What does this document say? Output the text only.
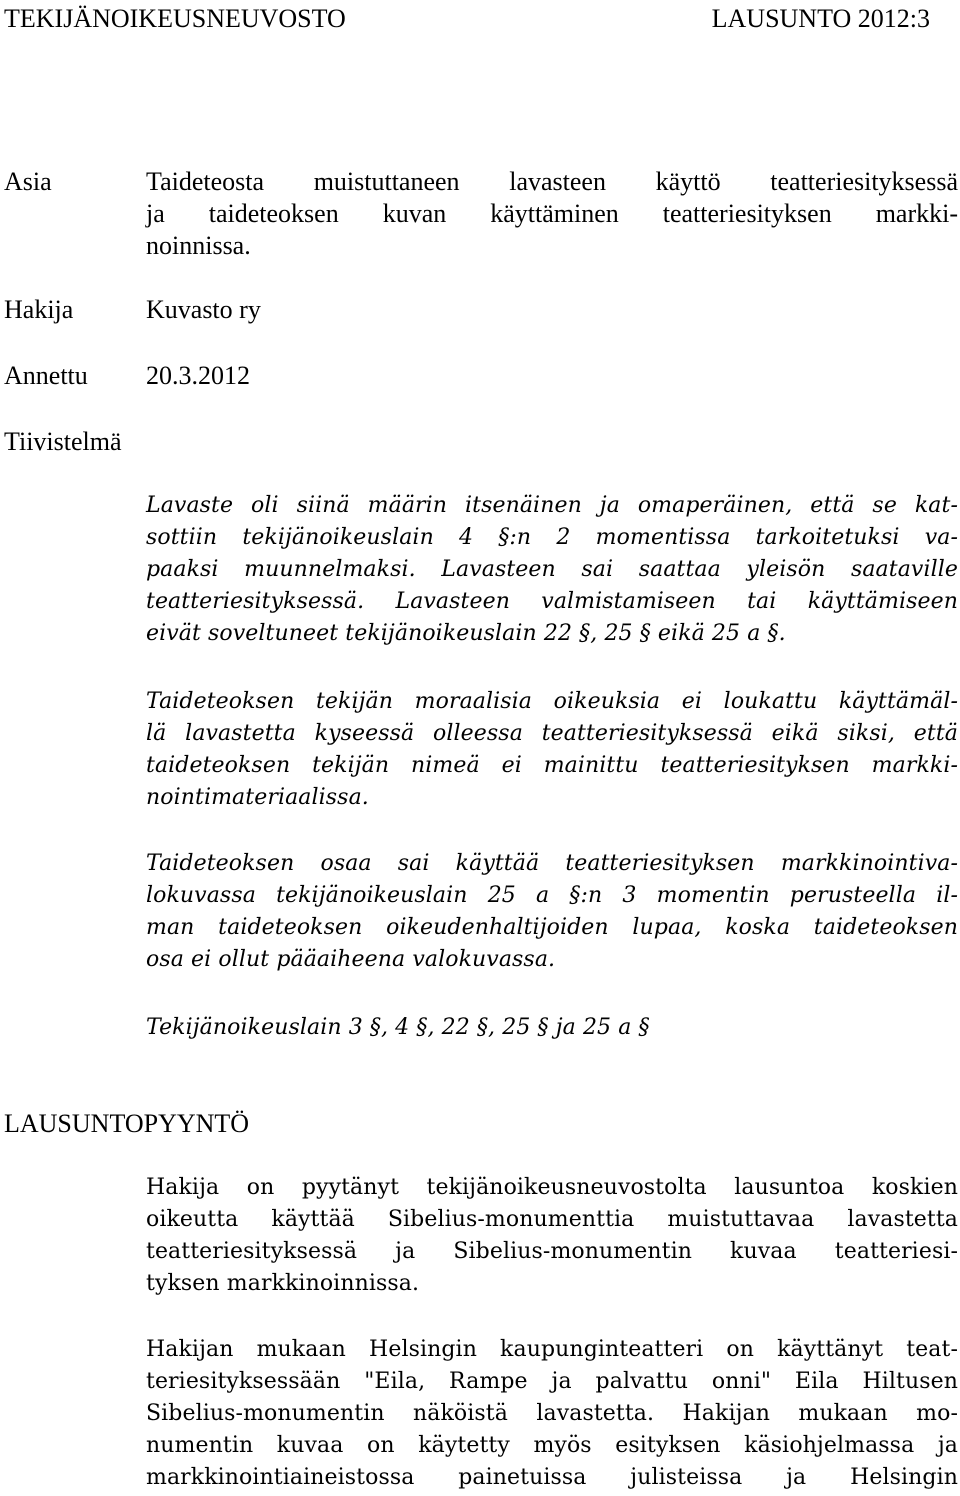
TEKIJÄNOIKEUSNEUVOSTO	LAUSUNTO 2012:3
Asia	Taideteosta muistuttaneen lavasteen käyttö teatteriesityksessä
ja taideteoksen kuvan käyttäminen teatteriesityksen markki-
noinnissa.
Hakija	Kuvasto ry
Annettu 20.3.2012
Tiivistelmä
Lavaste oli siinä määrin itsenäinen ja omaperäinen, että se kat-
sottiin tekijänoikeuslain 4 §:n 2 momentissa tarkoitetuksi va-
paaksi muunnelmaksi. Lavasteen sai saattaa yleisön saataville
teatteriesityksessä. Lavasteen valmistamiseen tai käyttämiseen
eivät soveltuneet tekijänoikeuslain 22 §, 25 § eikä 25 a §.
Taideteoksen tekijän moraalisia oikeuksia ei loukattu käyttämäl-
lä lavastetta kyseessä olleessa teatteriesityksessä eikä siksi, että
taideteoksen tekijän nimeä ei mainittu teatteriesityksen markki-
nointimateriaalissa.
Taideteoksen osaa sai käyttää teatteriesityksen markkinointiva-
lokuvassa tekijänoikeuslain 25 a §:n 3 momentin perusteella il-
man taideteoksen oikeudenhaltijoiden lupaa, koska taideteoksen
osa ei ollut pääaiheena valokuvassa.
Tekijänoikeuslain 3 §, 4 §, 22 §, 25 § ja 25 a §
LAUSUNTOPYYNTÖ
Hakija on pyytänyt tekijänoikeusneuvostolta lausuntoa koskien
oikeutta käyttää Sibelius-monumenttia muistuttavaa lavastetta
teatteriesityksessä ja Sibelius-monumentin kuvaa teatteriesi-
tyksen markkinoinnissa.
Hakijan mukaan Helsingin kaupunginteatteri on käyttänyt teat-
teriesityksessään "Eila, Rampe ja palvattu onni" Eila Hiltusen
Sibelius-monumentin näköistä lavastetta. Hakijan mukaan mo-
numentin kuvaa on käytetty myös esityksen käsiohjelmassa ja
markkinointiaineistossa painetuissa julisteissa ja Helsingin
